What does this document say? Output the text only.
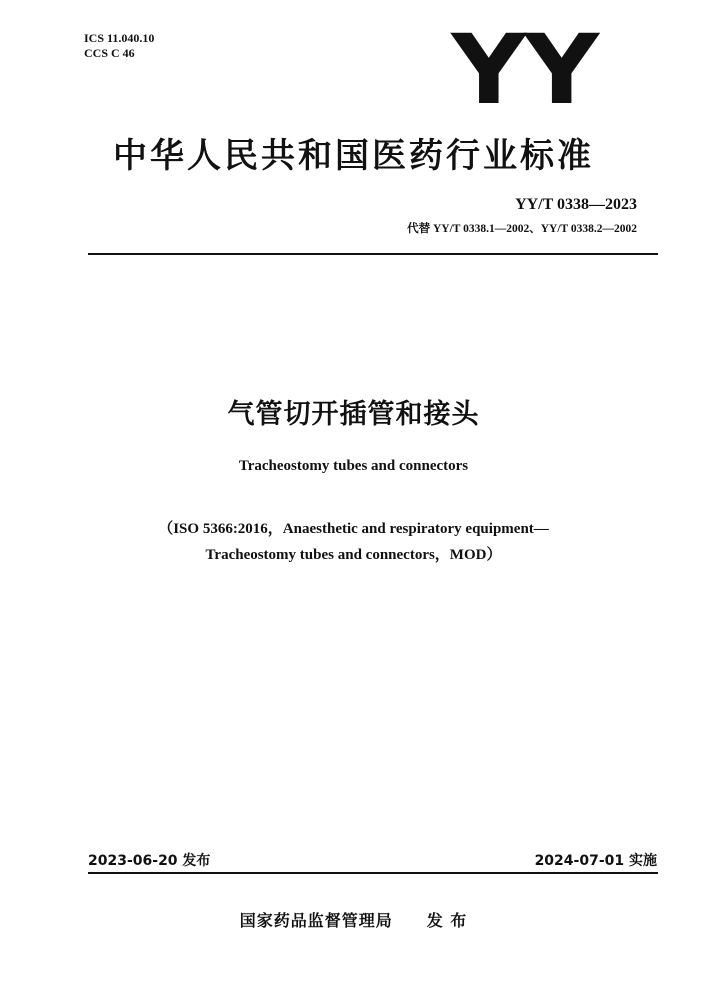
ICS 11.040.10
CCS C 46	YY
中华人民共和国医药行业标准
YY/T 0338—2023
代替 YY/T 0338.1—2002、YY/T 0338.2—2002
气管切开插管和接头
Tracheostomy tubes and connectors
（ISO 5366:2016，Anaesthetic and respiratory equipment—
Tracheostomy tubes and connectors，MOD）
2023-06-20 发布	2024-07-01 实施
国家药品监督管理局 发 布
